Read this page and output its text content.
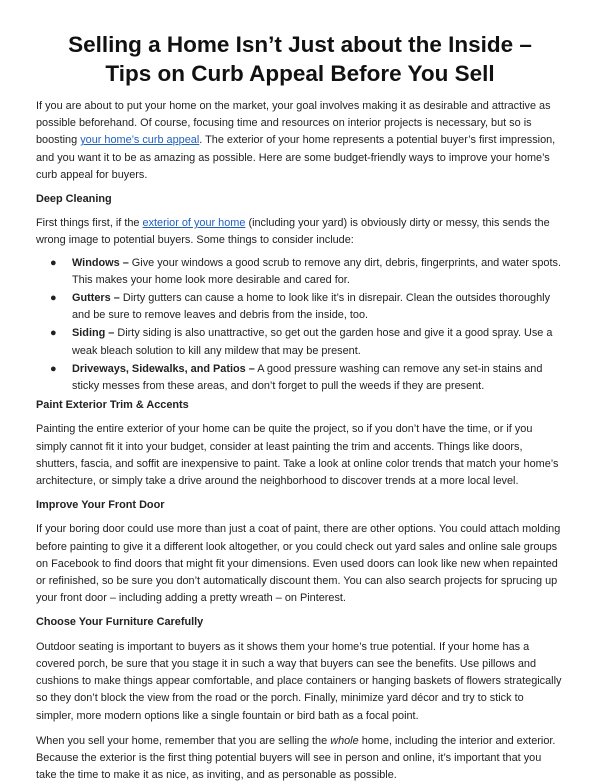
Selling a Home Isn’t Just about the Inside –
Tips on Curb Appeal Before You Sell

If you are about to put your home on the market, your goal involves making it as desirable and attractive as possible beforehand. Of course, focusing time and resources on interior projects is necessary, but so is boosting your home’s curb appeal. The exterior of your home represents a potential buyer’s first impression, and you want it to be as amazing as possible. Here are some budget-friendly ways to improve your home’s curb appeal for buyers.

Deep Cleaning

First things first, if the exterior of your home (including your yard) is obviously dirty or messy, this sends the wrong image to potential buyers. Some things to consider include:

● Windows – Give your windows a good scrub to remove any dirt, debris, fingerprints, and water spots. This makes your home look more desirable and cared for.
● Gutters – Dirty gutters can cause a home to look like it’s in disrepair. Clean the outsides thoroughly and be sure to remove leaves and debris from the inside, too.
● Siding – Dirty siding is also unattractive, so get out the garden hose and give it a good spray. Use a weak bleach solution to kill any mildew that may be present.
● Driveways, Sidewalks, and Patios – A good pressure washing can remove any set-in stains and sticky messes from these areas, and don’t forget to pull the weeds if they are present.

Paint Exterior Trim & Accents

Painting the entire exterior of your home can be quite the project, so if you don’t have the time, or if you simply cannot fit it into your budget, consider at least painting the trim and accents. Things like doors, shutters, fascia, and soffit are inexpensive to paint. Take a look at online color trends that match your home’s architecture, or simply take a drive around the neighborhood to discover trends at a more local level.

Improve Your Front Door

If your boring door could use more than just a coat of paint, there are other options. You could attach molding before painting to give it a different look altogether, or you could check out yard sales and online sale groups on Facebook to find doors that might fit your dimensions. Even used doors can look like new when repainted or refinished, so be sure you don’t automatically discount them. You can also search projects for sprucing up your front door – including adding a pretty wreath – on Pinterest.

Choose Your Furniture Carefully

Outdoor seating is important to buyers as it shows them your home’s true potential. If your home has a covered porch, be sure that you stage it in such a way that buyers can see the benefits. Use pillows and cushions to make things appear comfortable, and place containers or hanging baskets of flowers strategically so they don’t block the view from the road or the porch. Finally, minimize yard décor and try to stick to simpler, more modern options like a single fountain or bird bath as a focal point.

When you sell your home, remember that you are selling the whole home, including the interior and exterior. Because the exterior is the first thing potential buyers will see in person and online, it’s important that you take the time to make it as nice, as inviting, and as personable as possible.
